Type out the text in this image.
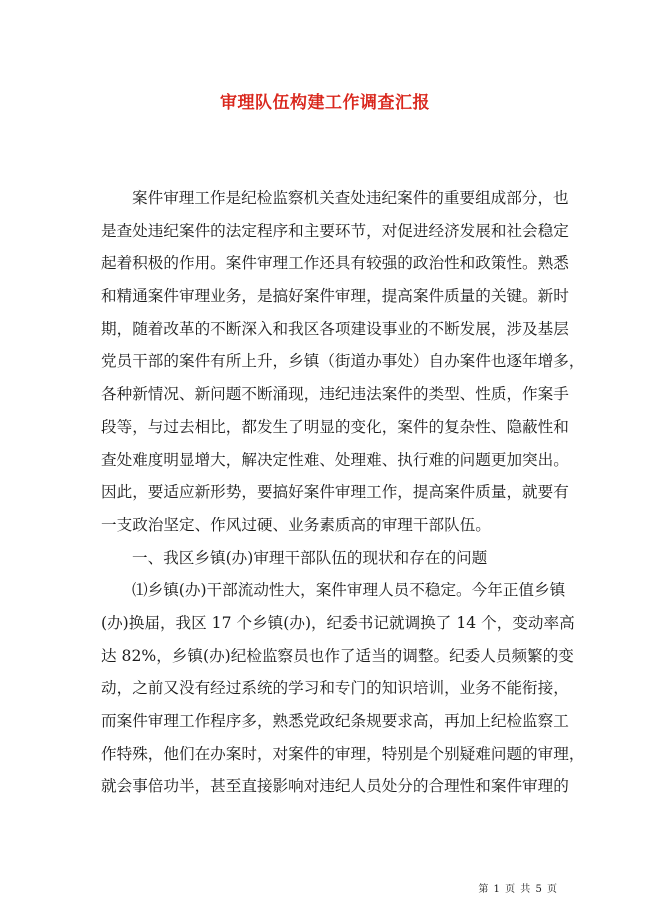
审理队伍构建工作调查汇报
案件审理工作是纪检监察机关查处违纪案件的重要组成部分，也
是查处违纪案件的法定程序和主要环节，对促进经济发展和社会稳定
起着积极的作用。案件审理工作还具有较强的政治性和政策性。熟悉
和精通案件审理业务，是搞好案件审理，提高案件质量的关键。新时
期，随着改革的不断深入和我区各项建设事业的不断发展，涉及基层
党员干部的案件有所上升，乡镇（街道办事处）自办案件也逐年增多，
各种新情况、新问题不断涌现，违纪违法案件的类型、性质，作案手
段等，与过去相比，都发生了明显的变化，案件的复杂性、隐蔽性和
查处难度明显增大，解决定性难、处理难、执行难的问题更加突出。
因此，要适应新形势，要搞好案件审理工作，提高案件质量，就要有
一支政治坚定、作风过硬、业务素质高的审理干部队伍。
一、我区乡镇(办)审理干部队伍的现状和存在的问题
⑴乡镇(办)干部流动性大，案件审理人员不稳定。今年正值乡镇
(办)换届，我区 17 个乡镇(办)，纪委书记就调换了 14 个，变动率高
达 82%，乡镇(办)纪检监察员也作了适当的调整。纪委人员频繁的变
动，之前又没有经过系统的学习和专门的知识培训，业务不能衔接，
而案件审理工作程序多，熟悉党政纪条规要求高，再加上纪检监察工
作特殊，他们在办案时，对案件的审理，特别是个别疑难问题的审理，
就会事倍功半，甚至直接影响对违纪人员处分的合理性和案件审理的
第 1 页 共 5 页
